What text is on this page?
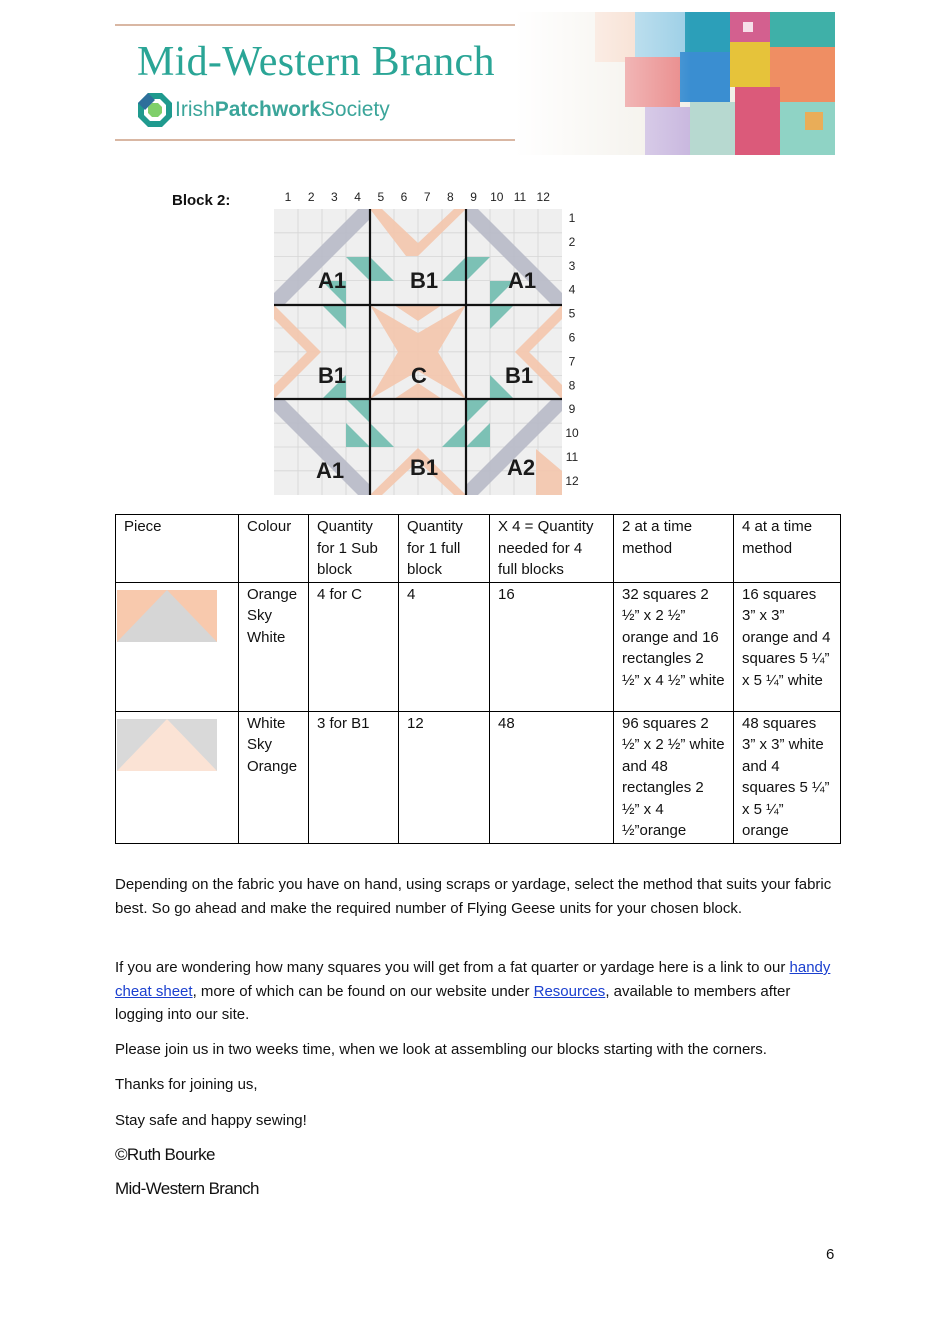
Mid-Western Branch
IrishPatchworkSociety
Block 2:	1 2 3 4 5 6 7 8 9 10 11 12
1
2
3
4
5
6
7
8
9
10
11
12
A1	B1	A1
B1	C	B1
A1	B1	A2
Piece	Colour	Quantity for 1 Sub block	Quantity for 1 full block	X 4 = Quantity needed for 4 full blocks	2 at a time method	4 at a time method

	Orange Sky White	4 for C	4	16	32 squares 2 ½” x 2 ½” orange and 16 rectangles 2 ½” x 4 ½” white	16 squares 3” x 3” orange and 4 squares 5 ¼” x 5 ¼” white

	White Sky Orange	3 for B1	12	48	96 squares 2 ½” x 2 ½” white and 48 rectangles 2 ½” x 4 ½”orange	48 squares 3” x 3” white and 4 squares 5 ¼” x 5 ¼” orange

Depending on the fabric you have on hand, using scraps or yardage, select the method that suits your fabric best. So go ahead and make the required number of Flying Geese units for your chosen block.

If you are wondering how many squares you will get from a fat quarter or yardage here is a link to our handy cheat sheet, more of which can be found on our website under Resources, available to members after logging into our site.

Please join us in two weeks time, when we look at assembling our blocks starting with the corners.

Thanks for joining us,

Stay safe and happy sewing!

©Ruth Bourke
Mid-Western Branch
6
